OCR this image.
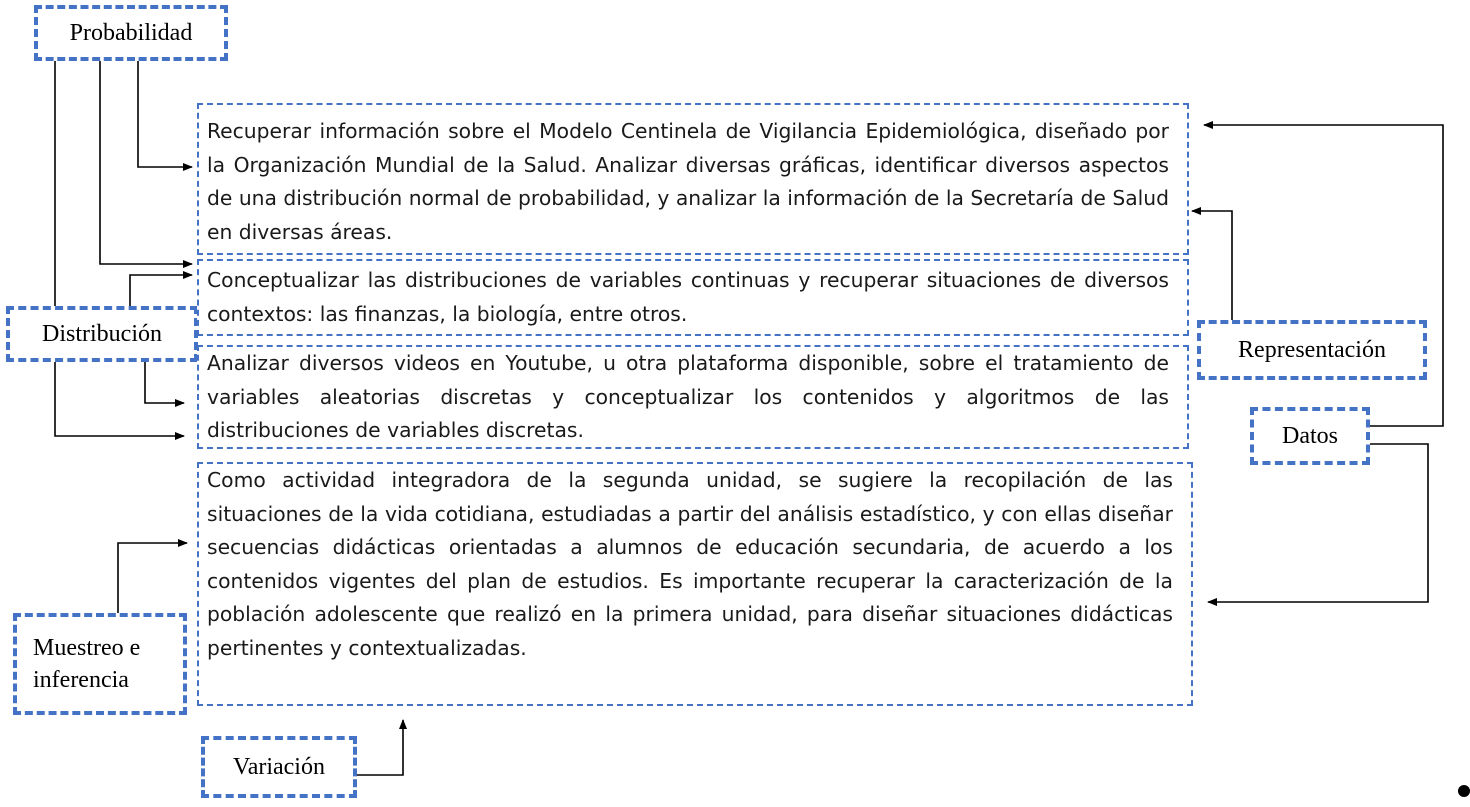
Probabilidad
Distribución
Representación
Datos
Muestreo e inferencia
Variación
Recuperar información sobre el Modelo Centinela de Vigilancia Epidemiológica, diseñado por la Organización Mundial de la Salud. Analizar diversas gráficas, identificar diversos aspectos de una distribución normal de probabilidad, y analizar la información de la Secretaría de Salud en diversas áreas.
Conceptualizar las distribuciones de variables continuas y recuperar situaciones de diversos contextos: las finanzas, la biología, entre otros.
Analizar diversos videos en Youtube, u otra plataforma disponible, sobre el tratamiento de variables aleatorias discretas y conceptualizar los contenidos y algoritmos de las distribuciones de variables discretas.
Como actividad integradora de la segunda unidad, se sugiere la recopilación de las situaciones de la vida cotidiana, estudiadas a partir del análisis estadístico, y con ellas diseñar secuencias didácticas orientadas a alumnos de educación secundaria, de acuerdo a los contenidos vigentes del plan de estudios. Es importante recuperar la caracterización de la población adolescente que realizó en la primera unidad, para diseñar situaciones didácticas pertinentes y contextualizadas.
